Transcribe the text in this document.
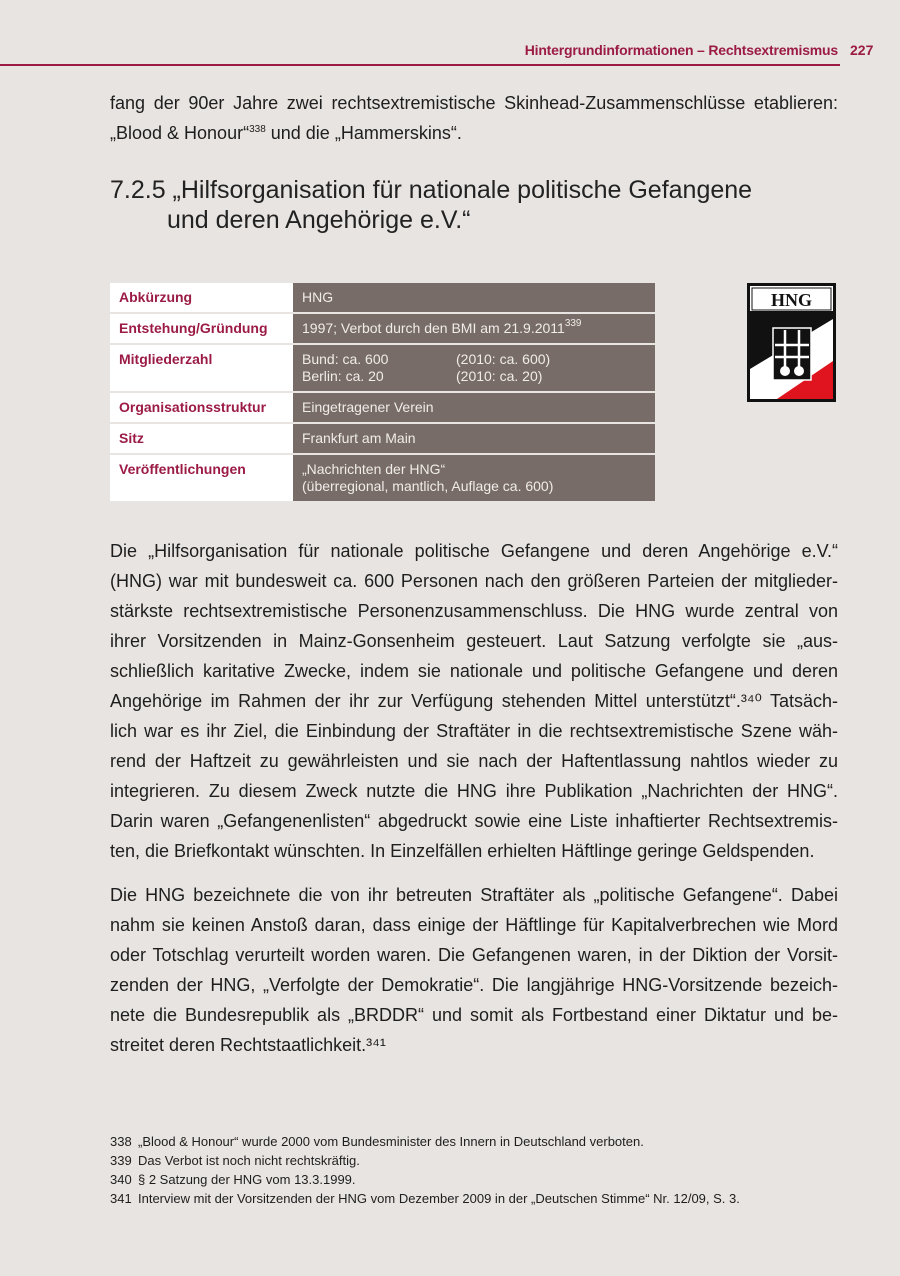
Hintergrundinformationen – Rechtsextremismus 227
fang der 90er Jahre zwei rechtsextremistische Skinhead-Zusammenschlüsse etablieren:
„Blood & Honour“$^{338}$ und die „Hammerskins“.
7.2.5 „Hilfsorganisation für nationale politische Gefangene
und deren Angehörige e.V.“
Abkürzung	HNG
Entstehung/Gründung	1997; Verbot durch den BMI am 21.9.2011$^{339}$
Mitgliederzahl	Bund: ca. 600 (2010: ca. 600)
Berlin: ca. 20 (2010: ca. 20)

Organisationsstruktur	Eingetragener Verein
Sitz	Frankfurt am Main
Veröffentlichungen	„Nachrichten der HNG“
(überregional, mantlich, Auflage ca. 600)
HNG
Die „Hilfsorganisation für nationale politische Gefangene und deren Angehörige e.V.“
(HNG) war mit bundesweit ca. 600 Personen nach den größeren Parteien der mitglieder-
stärkste rechtsextremistische Personenzusammenschluss. Die HNG wurde zentral von
ihrer Vorsitzenden in Mainz-Gonsenheim gesteuert. Laut Satzung verfolgte sie „aus-
schließlich karitative Zwecke, indem sie nationale und politische Gefangene und deren
Angehörige im Rahmen der ihr zur Verfügung stehenden Mittel unterstützt“.³⁴⁰ Tatsäch-
lich war es ihr Ziel, die Einbindung der Straftäter in die rechtsextremistische Szene wäh-
rend der Haftzeit zu gewährleisten und sie nach der Haftentlassung nahtlos wieder zu
integrieren. Zu diesem Zweck nutzte die HNG ihre Publikation „Nachrichten der HNG“.
Darin waren „Gefangenenlisten“ abgedruckt sowie eine Liste inhaftierter Rechtsextremis-
ten, die Briefkontakt wünschten. In Einzelfällen erhielten Häftlinge geringe Geldspenden.
Die HNG bezeichnete die von ihr betreuten Straftäter als „politische Gefangene“. Dabei
nahm sie keinen Anstoß daran, dass einige der Häftlinge für Kapitalverbrechen wie Mord
oder Totschlag verurteilt worden waren. Die Gefangenen waren, in der Diktion der Vorsit-
zenden der HNG, „Verfolgte der Demokratie“. Die langjährige HNG-Vorsitzende bezeich-
nete die Bundesrepublik als „BRDDR“ und somit als Fortbestand einer Diktatur und be-
streitet deren Rechtstaatlichkeit.³⁴¹
338 „Blood & Honour“ wurde 2000 vom Bundesminister des Innern in Deutschland verboten.
339 Das Verbot ist noch nicht rechtskräftig.
340 § 2 Satzung der HNG vom 13.3.1999.
341 Interview mit der Vorsitzenden der HNG vom Dezember 2009 in der „Deutschen Stimme“ Nr. 12/09, S. 3.
